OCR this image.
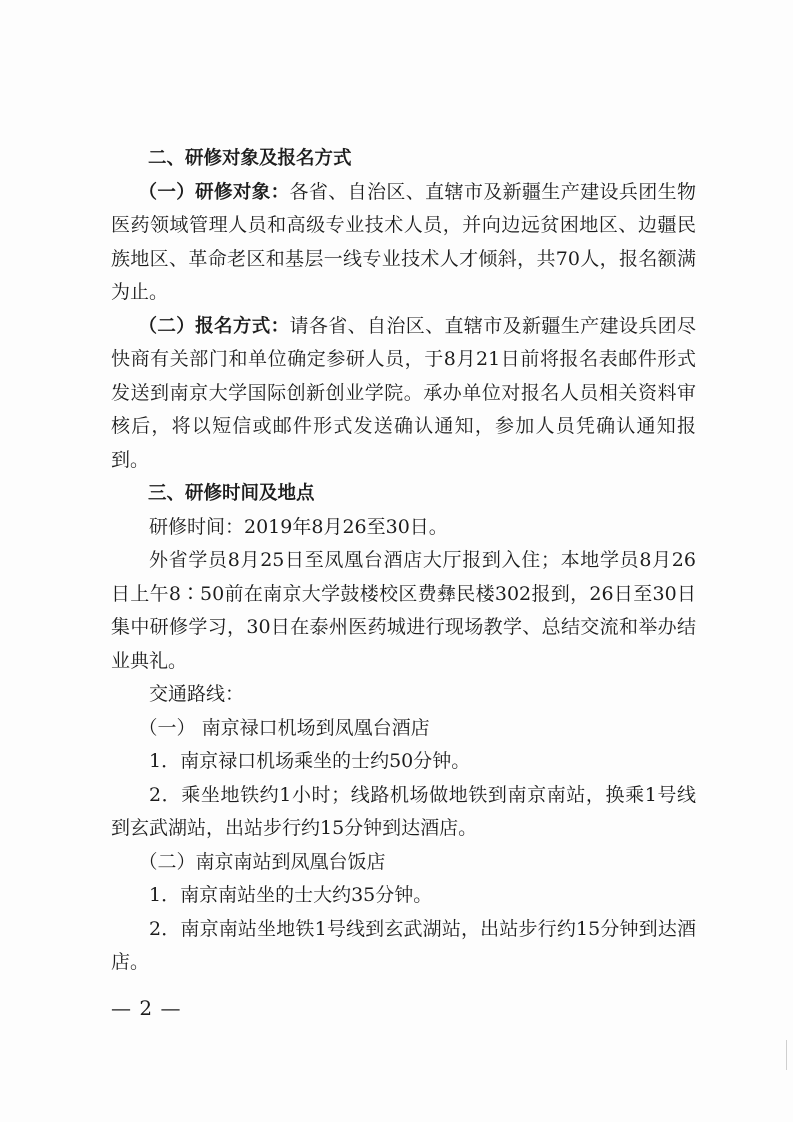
二、研修对象及报名方式

（一）研修对象：各省、自治区、直辖市及新疆生产建设兵团生物医药领域管理人员和高级专业技术人员，并向边远贫困地区、边疆民族地区、革命老区和基层一线专业技术人才倾斜，共70人，报名额满为止。

（二）报名方式：请各省、自治区、直辖市及新疆生产建设兵团尽快商有关部门和单位确定参研人员，于8月21日前将报名表邮件形式发送到南京大学国际创新创业学院。承办单位对报名人员相关资料审核后，将以短信或邮件形式发送确认通知，参加人员凭确认通知报到。

三、研修时间及地点

研修时间：2019年8月26至30日。

外省学员8月25日至凤凰台酒店大厅报到入住；本地学员8月26日上午8∶50前在南京大学鼓楼校区费彝民楼302报到，26日至30日集中研修学习，30日在泰州医药城进行现场教学、总结交流和举办结业典礼。

交通路线：

（一） 南京禄口机场到凤凰台酒店

1．南京禄口机场乘坐的士约50分钟。

2．乘坐地铁约1小时；线路机场做地铁到南京南站，换乘1号线到玄武湖站，出站步行约15分钟到达酒店。

（二）南京南站到凤凰台饭店

1．南京南站坐的士大约35分钟。

2．南京南站坐地铁1号线到玄武湖站，出站步行约15分钟到达酒店。

— 2 —
